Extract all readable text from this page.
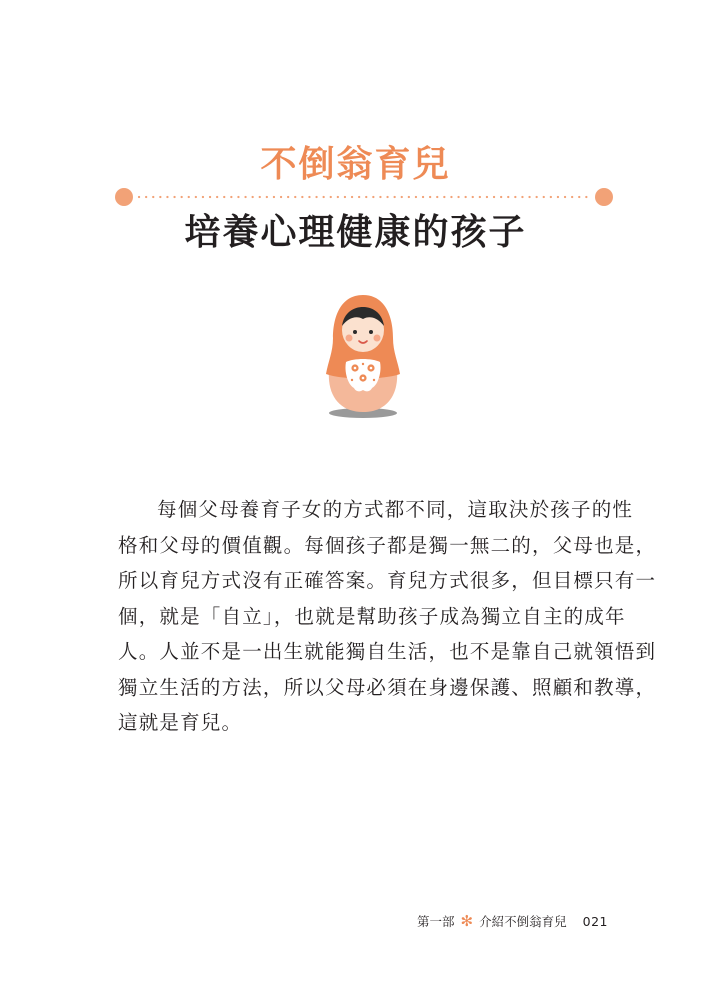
不倒翁育兒
培養心理健康的孩子
每個父母養育子女的方式都不同，這取決於孩子的性
格和父母的價值觀。每個孩子都是獨一無二的，父母也是，
所以育兒方式沒有正確答案。育兒方式很多，但目標只有一
個，就是「自立」，也就是幫助孩子成為獨立自主的成年
人。人並不是一出生就能獨自生活，也不是靠自己就領悟到
獨立生活的方法，所以父母必須在身邊保護、照顧和教導，
這就是育兒。
第一部 ✻ 介紹不倒翁育兒 021
